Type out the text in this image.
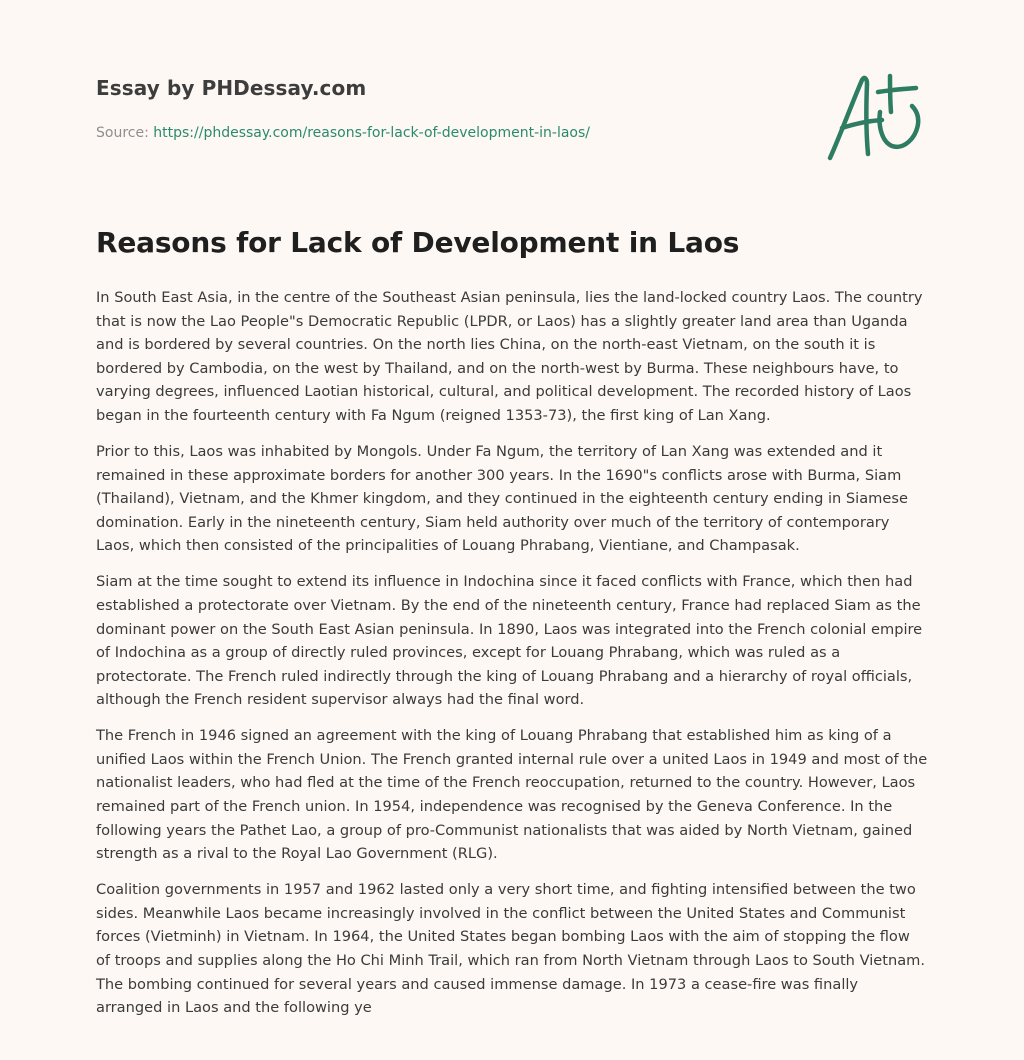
Essay by PHDessay.com
Source: https://phdessay.com/reasons-for-lack-of-development-in-laos/
Reasons for Lack of Development in Laos

In South East Asia, in the centre of the Southeast Asian peninsula, lies the land-locked country Laos. The country that is now the Lao People"s Democratic Republic (LPDR, or Laos) has a slightly greater land area than Uganda and is bordered by several countries. On the north lies China, on the north-east Vietnam, on the south it is bordered by Cambodia, on the west by Thailand, and on the north-west by Burma. These neighbours have, to varying degrees, influenced Laotian historical, cultural, and political development. The recorded history of Laos began in the fourteenth century with Fa Ngum (reigned 1353-73), the first king of Lan Xang.

Prior to this, Laos was inhabited by Mongols. Under Fa Ngum, the territory of Lan Xang was extended and it remained in these approximate borders for another 300 years. In the 1690"s conflicts arose with Burma, Siam (Thailand), Vietnam, and the Khmer kingdom, and they continued in the eighteenth century ending in Siamese domination. Early in the nineteenth century, Siam held authority over much of the territory of contemporary Laos, which then consisted of the principalities of Louang Phrabang, Vientiane, and Champasak.

Siam at the time sought to extend its influence in Indochina since it faced conflicts with France, which then had established a protectorate over Vietnam. By the end of the nineteenth century, France had replaced Siam as the dominant power on the South East Asian peninsula. In 1890, Laos was integrated into the French colonial empire of Indochina as a group of directly ruled provinces, except for Louang Phrabang, which was ruled as a protectorate. The French ruled indirectly through the king of Louang Phrabang and a hierarchy of royal officials, although the French resident supervisor always had the final word.

The French in 1946 signed an agreement with the king of Louang Phrabang that established him as king of a unified Laos within the French Union. The French granted internal rule over a united Laos in 1949 and most of the nationalist leaders, who had fled at the time of the French reoccupation, returned to the country. However, Laos remained part of the French union. In 1954, independence was recognised by the Geneva Conference. In the following years the Pathet Lao, a group of pro-Communist nationalists that was aided by North Vietnam, gained strength as a rival to the Royal Lao Government (RLG).

Coalition governments in 1957 and 1962 lasted only a very short time, and fighting intensified between the two sides. Meanwhile Laos became increasingly involved in the conflict between the United States and Communist forces (Vietminh) in Vietnam. In 1964, the United States began bombing Laos with the aim of stopping the flow of troops and supplies along the Ho Chi Minh Trail, which ran from North Vietnam through Laos to South Vietnam. The bombing continued for several years and caused immense damage. In 1973 a cease-fire was finally arranged in Laos and the following ye
